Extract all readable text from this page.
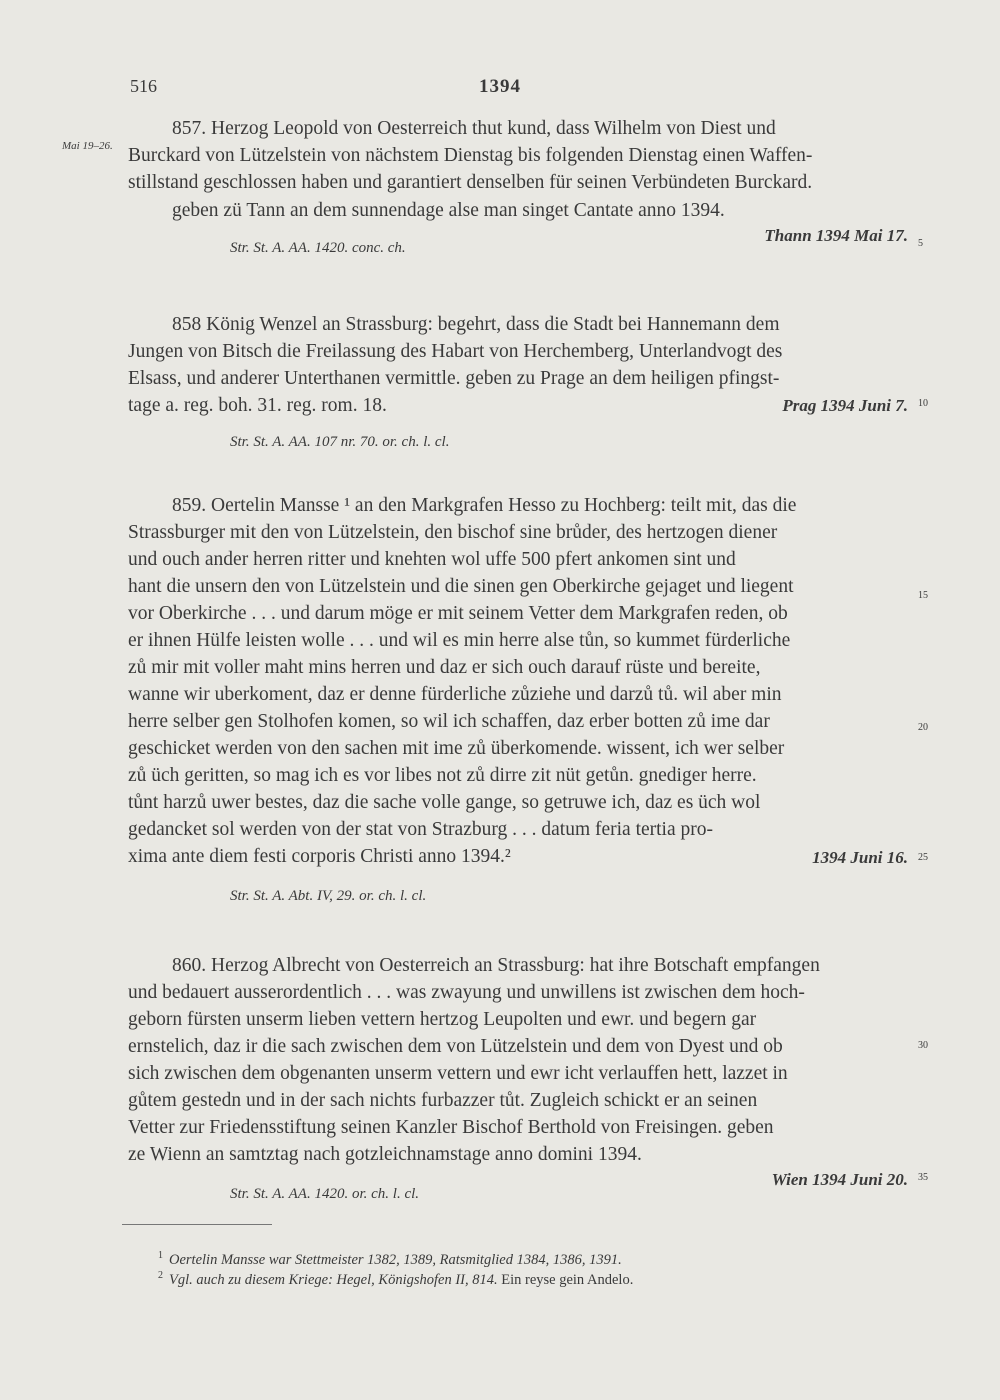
516	1394
Mai 19–26.
857. Herzog Leopold von Oesterreich thut kund, dass Wilhelm von Diest und
Burckard von Lützelstein von nächstem Dienstag bis folgenden Dienstag einen Waffen-
stillstand geschlossen haben und garantiert denselben für seinen Verbündeten Burckard.
geben zü Tann an dem sunnendage alse man singet Cantate anno 1394.
Thann 1394 Mai 17.
Str. St. A. AA. 1420. conc. ch.	5
858 König Wenzel an Strassburg: begehrt, dass die Stadt bei Hannemann dem
Jungen von Bitsch die Freilassung des Habart von Herchemberg, Unterlandvogt des
Elsass, und anderer Unterthanen vermittle. geben zu Prage an dem heiligen pfingst-
tage a. reg. boh. 31. reg. rom. 18.	Prag 1394 Juni 7. 10
Str. St. A. AA. 107 nr. 70. or. ch. l. cl.
859. Oertelin Mansse ¹ an den Markgrafen Hesso zu Hochberg: teilt mit, das die
Strassburger mit den von Lützelstein, den bischof sine brůder, des hertzogen diener
und ouch ander herren ritter und knehten wol uffe 500 pfert ankomen sint und
hant die unsern den von Lützelstein und die sinen gen Oberkirche gejaget und liegent	15
vor Oberkirche . . . und darum möge er mit seinem Vetter dem Markgrafen reden, ob
er ihnen Hülfe leisten wolle . . . und wil es min herre alse tůn, so kummet fürderliche
zů mir mit voller maht mins herren und daz er sich ouch darauf rüste und bereite,
wanne wir uberkoment, daz er denne fürderliche zůziehe und darzů tů. wil aber min
herre selber gen Stolhofen komen, so wil ich schaffen, daz erber botten zů ime dar	20
geschicket werden von den sachen mit ime zů überkomende. wissent, ich wer selber
zů üch geritten, so mag ich es vor libes not zů dirre zit nüt getůn. gnediger herre.
tůnt harzů uwer bestes, daz die sache volle gange, so getruwe ich, daz es üch wol
gedancket sol werden von der stat von Strazburg . . . datum feria tertia pro-
xima ante diem festi corporis Christi anno 1394.²	1394 Juni 16. 25
Str. St. A. Abt. IV, 29. or. ch. l. cl.
860. Herzog Albrecht von Oesterreich an Strassburg: hat ihre Botschaft empfangen
und bedauert ausserordentlich . . . was zwayung und unwillens ist zwischen dem hoch-
geborn fürsten unserm lieben vettern hertzog Leupolten und ewr. und begern gar
ernstelich, daz ir die sach zwischen dem von Lützelstein und dem von Dyest und ob	30
sich zwischen dem obgenanten unserm vettern und ewr icht verlauffen hett, lazzet in
gůtem gestedn und in der sach nichts furbazzer tůt. Zugleich schickt er an seinen
Vetter zur Friedensstiftung seinen Kanzler Bischof Berthold von Freisingen. geben
ze Wienn an samtztag nach gotzleichnamstage anno domini 1394.
Wien 1394 Juni 20. 35
Str. St. A. AA. 1420. or. ch. l. cl.
$^1$ Oertelin Mansse war Stettmeister 1382, 1389, Ratsmitglied 1384, 1386, 1391.
$^2$ Vgl. auch zu diesem Kriege: Hegel, Königshofen II, 814. Ein reyse gein Andelo.
